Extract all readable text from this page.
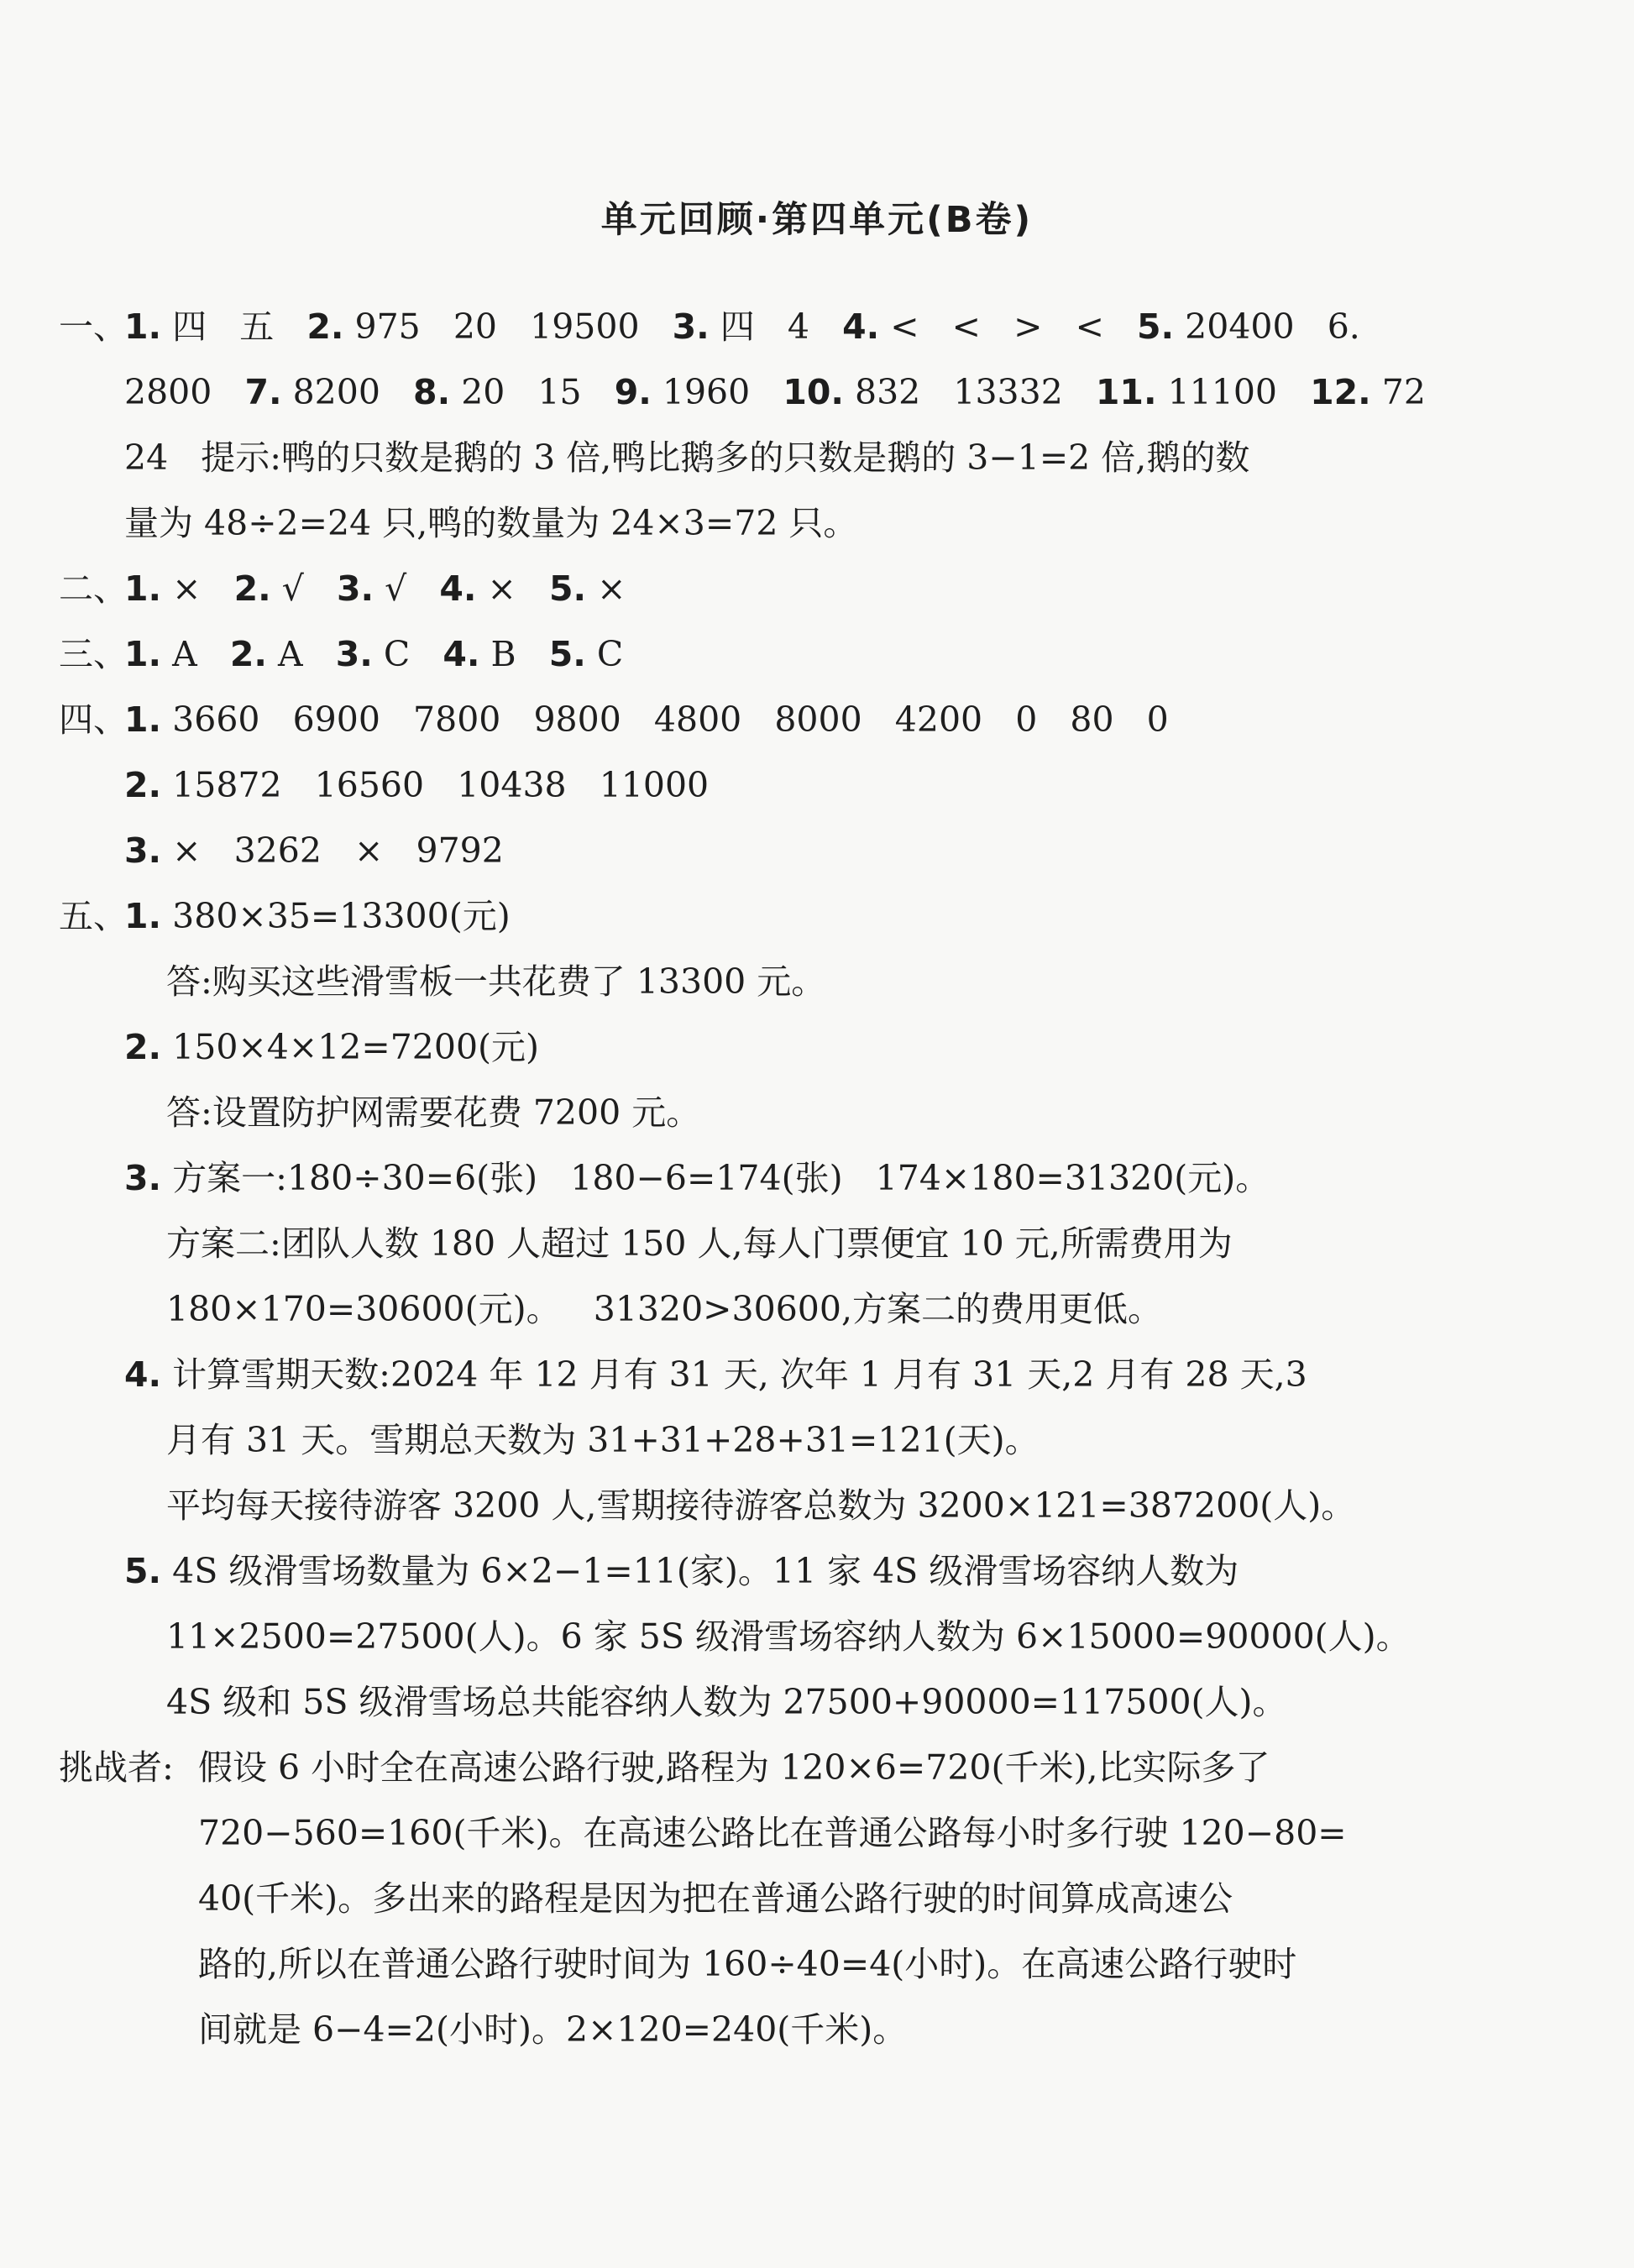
单元回顾·第四单元(B卷)

一、

1. 四   五   2. 975   20   19500   3. 四   4   4. <   <   >   <   5. 20400   6.

2800   7. 8200   8. 20   15   9. 1960   10. 832   13332   11. 11100   12. 72

24   提示:鸭的只数是鹅的 3 倍,鸭比鹅多的只数是鹅的 3−1=2 倍,鹅的数

量为 48÷2=24 只,鸭的数量为 24×3=72 只。

二、

1. ×   2. √   3. √   4. ×   5. ×

三、

1. A   2. A   3. C   4. B   5. C

四、

1. 3660   6900   7800   9800   4800   8000   4200   0   80   0

2. 15872   16560   10438   11000

3. ×   3262   ×   9792

五、

1. 380×35=13300(元)

答:购买这些滑雪板一共花费了 13300 元。

2. 150×4×12=7200(元)

答:设置防护网需要花费 7200 元。

3. 方案一:180÷30=6(张)   180−6=174(张)   174×180=31320(元)。

方案二:团队人数 180 人超过 150 人,每人门票便宜 10 元,所需费用为

180×170=30600(元)。   31320>30600,方案二的费用更低。

4. 计算雪期天数:2024 年 12 月有 31 天, 次年 1 月有 31 天,2 月有 28 天,3

月有 31 天。雪期总天数为 31+31+28+31=121(天)。

平均每天接待游客 3200 人,雪期接待游客总数为 3200×121=387200(人)。

5. 4S 级滑雪场数量为 6×2−1=11(家)。11 家 4S 级滑雪场容纳人数为

11×2500=27500(人)。6 家 5S 级滑雪场容纳人数为 6×15000=90000(人)。

4S 级和 5S 级滑雪场总共能容纳人数为 27500+90000=117500(人)。

挑战者: 假设 6 小时全在高速公路行驶,路程为 120×6=720(千米),比实际多了

720−560=160(千米)。在高速公路比在普通公路每小时多行驶 120−80=

40(千米)。多出来的路程是因为把在普通公路行驶的时间算成高速公

路的,所以在普通公路行驶时间为 160÷40=4(小时)。在高速公路行驶时

间就是 6−4=2(小时)。2×120=240(千米)。
